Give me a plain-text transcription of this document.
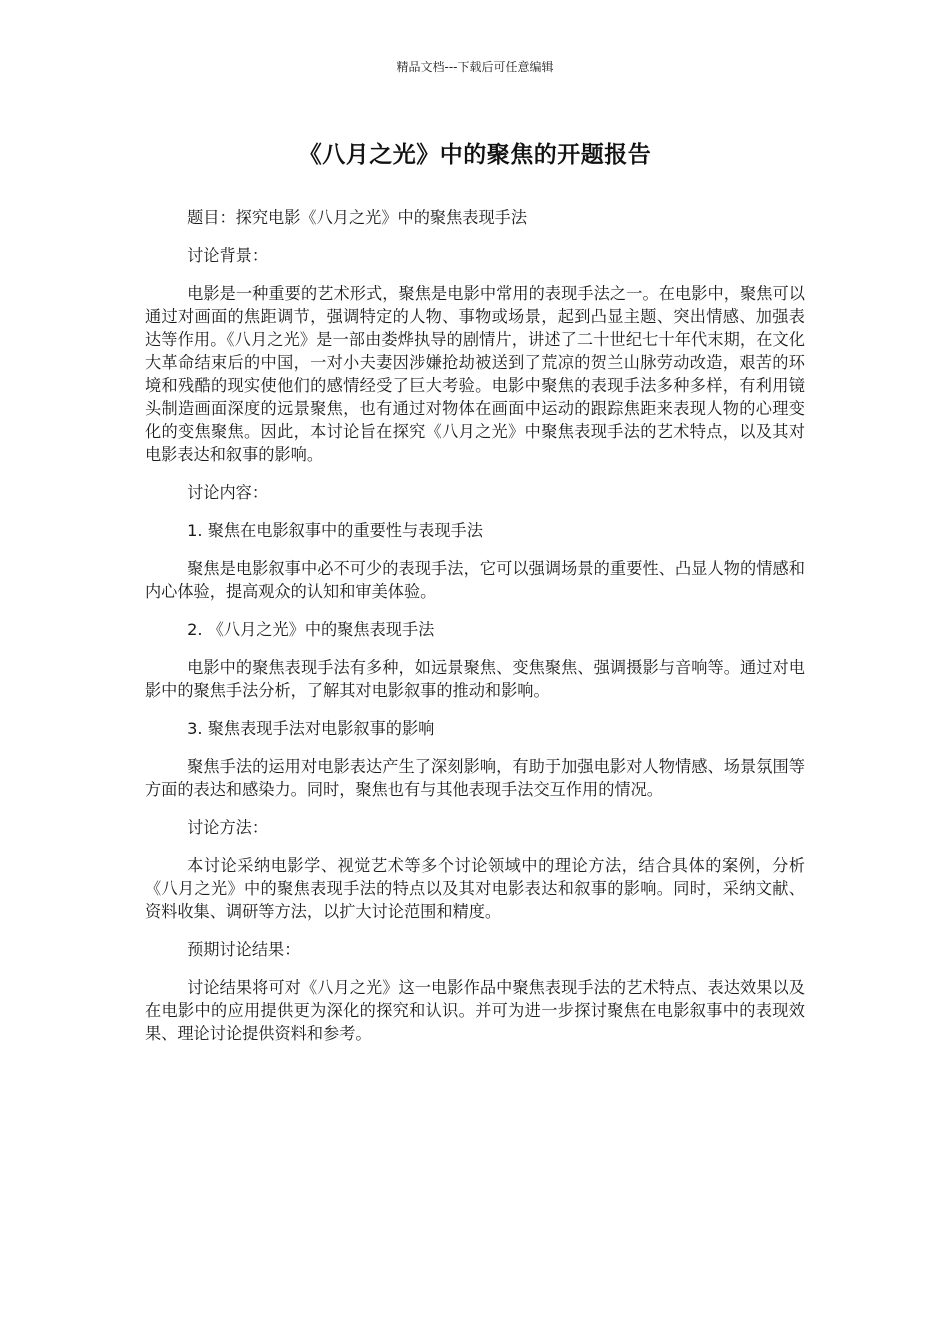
精品文档---下载后可任意编辑
《八月之光》中的聚焦的开题报告

题目：探究电影《八月之光》中的聚焦表现手法

讨论背景：

电影是一种重要的艺术形式，聚焦是电影中常用的表现手法之一。在电影中，聚焦可以通过对画面的焦距调节，强调特定的人物、事物或场景，起到凸显主题、突出情感、加强表达等作用。《八月之光》是一部由娄烨执导的剧情片，讲述了二十世纪七十年代末期，在文化大革命结束后的中国，一对小夫妻因涉嫌抢劫被送到了荒凉的贺兰山脉劳动改造，艰苦的环境和残酷的现实使他们的感情经受了巨大考验。电影中聚焦的表现手法多种多样，有利用镜头制造画面深度的远景聚焦，也有通过对物体在画面中运动的跟踪焦距来表现人物的心理变化的变焦聚焦。因此，本讨论旨在探究《八月之光》中聚焦表现手法的艺术特点，以及其对电影表达和叙事的影响。

讨论内容：

1. 聚焦在电影叙事中的重要性与表现手法

聚焦是电影叙事中必不可少的表现手法，它可以强调场景的重要性、凸显人物的情感和内心体验，提高观众的认知和审美体验。

2. 《八月之光》中的聚焦表现手法

电影中的聚焦表现手法有多种，如远景聚焦、变焦聚焦、强调摄影与音响等。通过对电影中的聚焦手法分析，了解其对电影叙事的推动和影响。

3. 聚焦表现手法对电影叙事的影响

聚焦手法的运用对电影表达产生了深刻影响，有助于加强电影对人物情感、场景氛围等方面的表达和感染力。同时，聚焦也有与其他表现手法交互作用的情况。

讨论方法：

本讨论采纳电影学、视觉艺术等多个讨论领域中的理论方法，结合具体的案例，分析《八月之光》中的聚焦表现手法的特点以及其对电影表达和叙事的影响。同时，采纳文献、资料收集、调研等方法，以扩大讨论范围和精度。

预期讨论结果：

讨论结果将可对《八月之光》这一电影作品中聚焦表现手法的艺术特点、表达效果以及在电影中的应用提供更为深化的探究和认识。并可为进一步探讨聚焦在电影叙事中的表现效果、理论讨论提供资料和参考。
